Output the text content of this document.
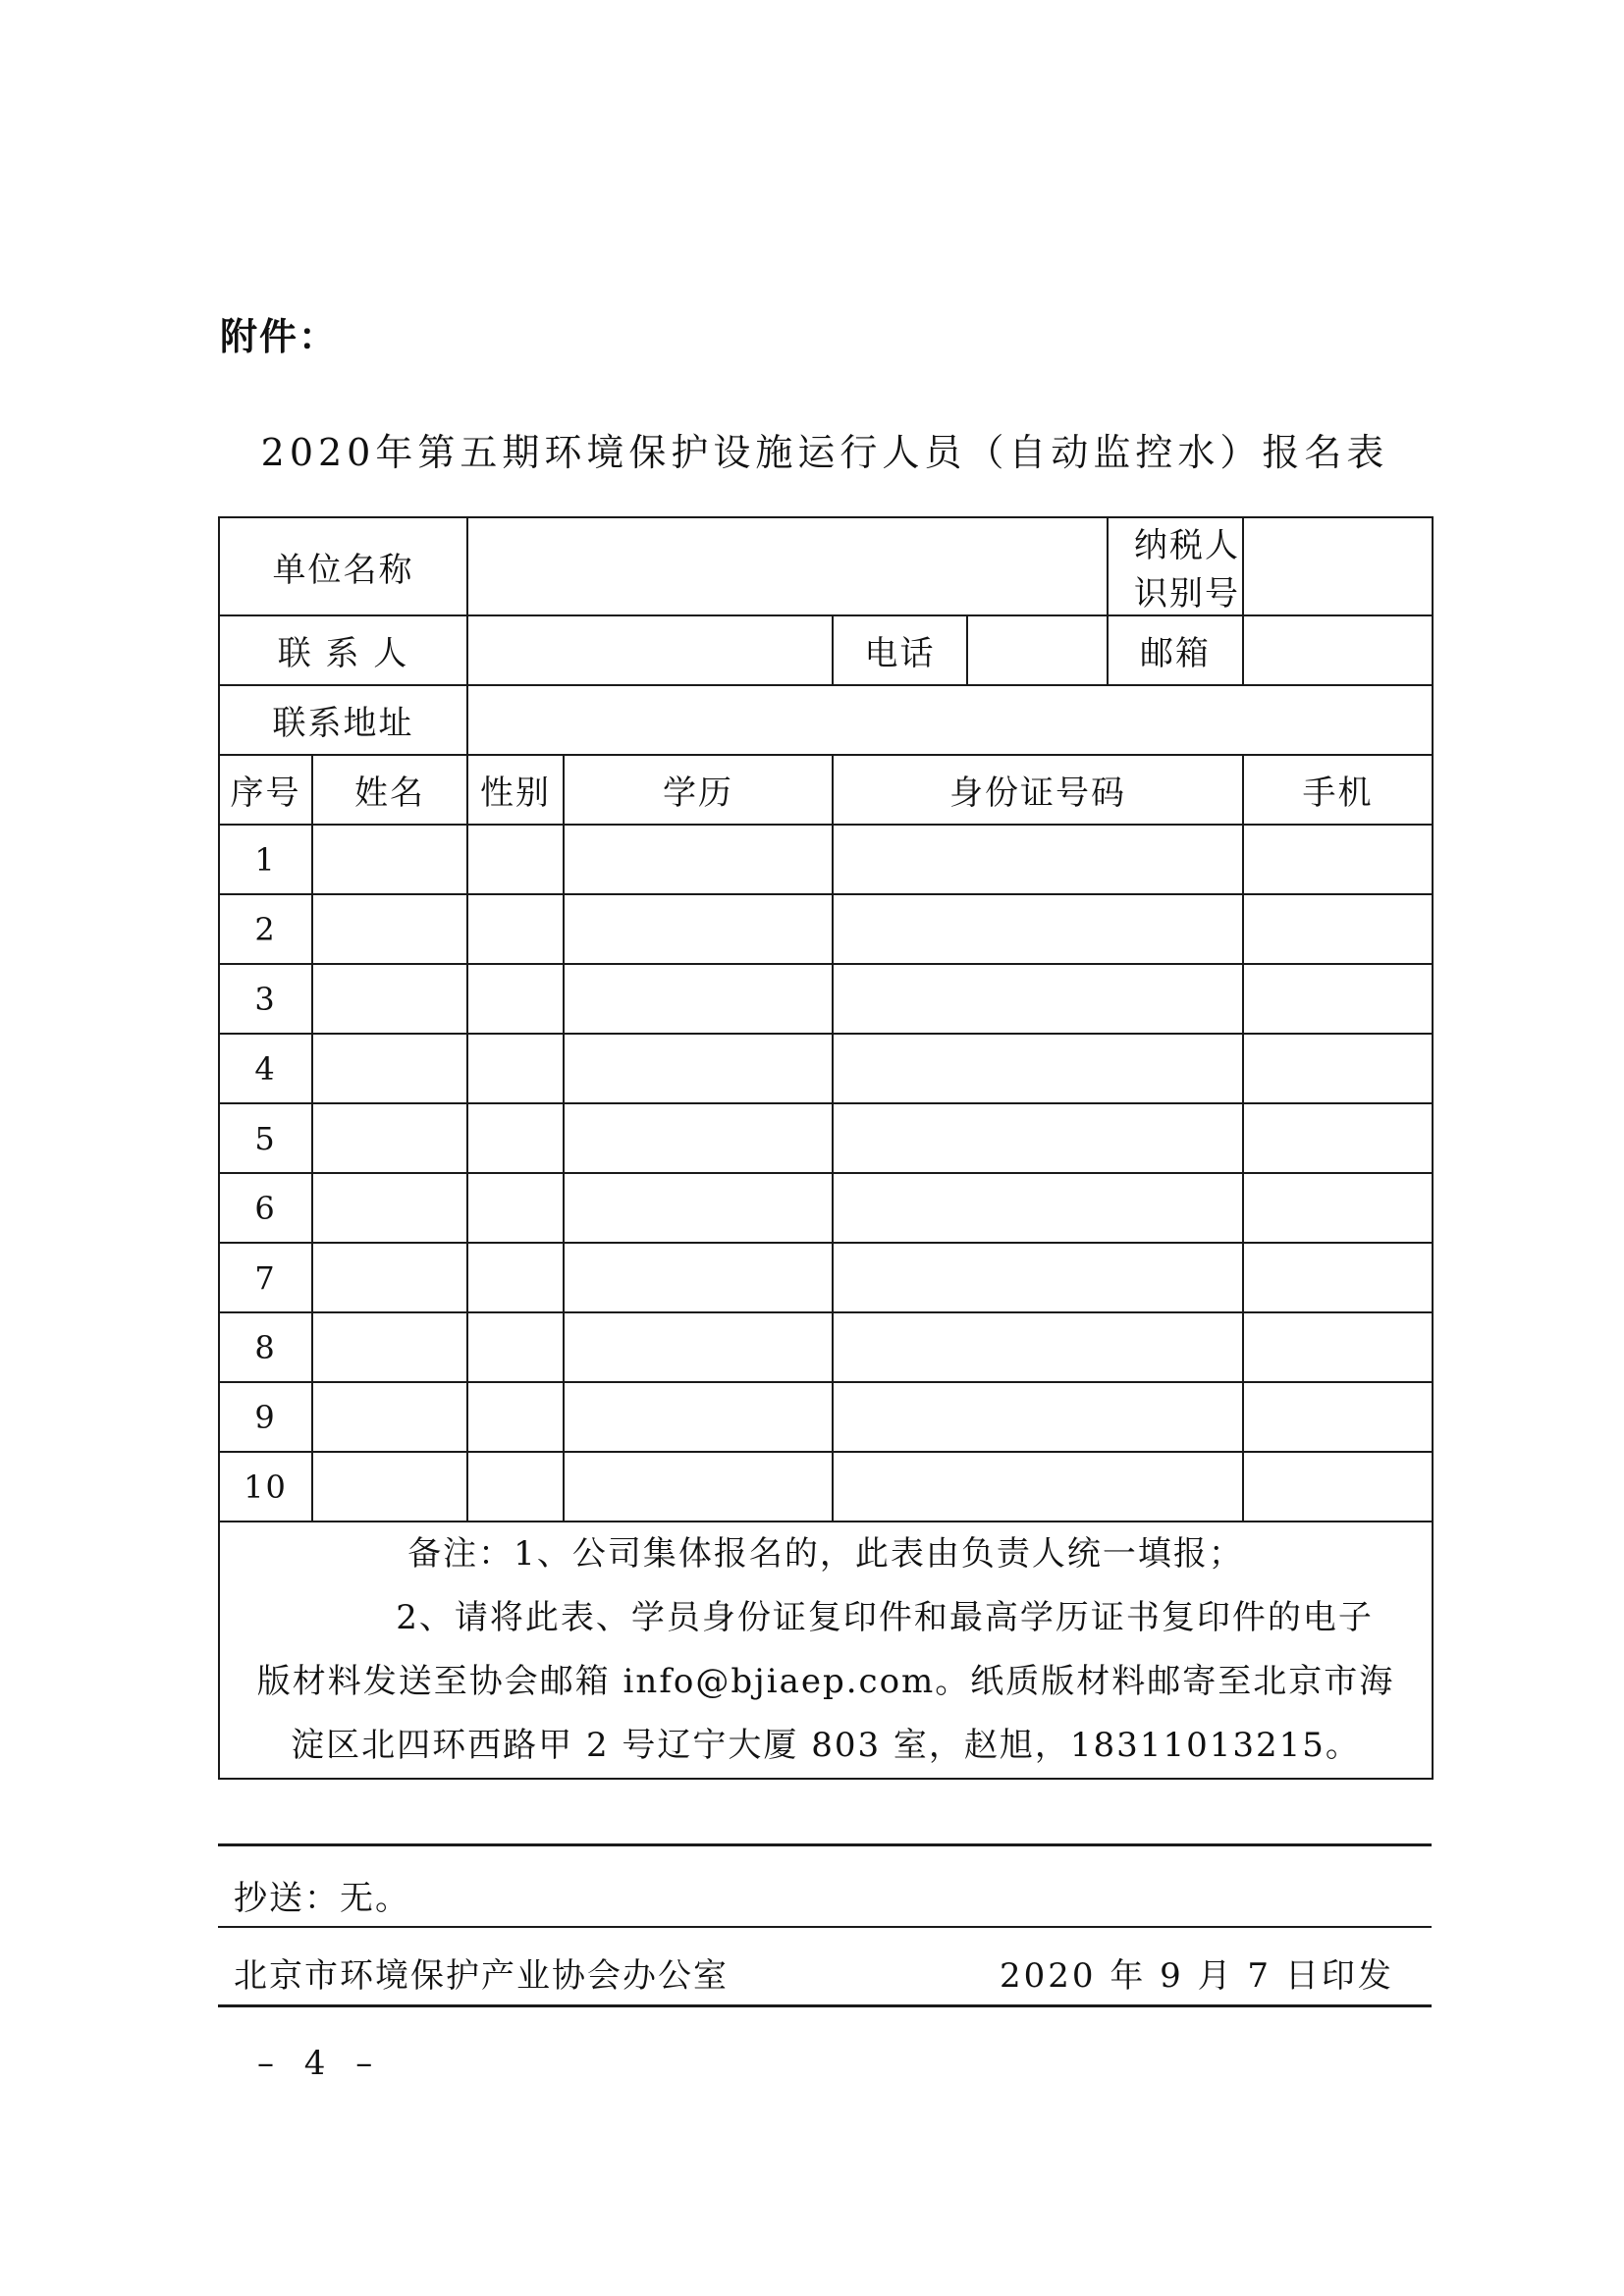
附件：
2020年第五期环境保护设施运行人员（自动监控水）报名表
单位名称					纳税人识别号	
联 系 人				电话	邮箱	
联系地址						
序号	姓名	性别	学历	身份证号码		手机
1						
2						
3						
4						
5						
6						
7						
8						
9						
10						

备注：1、公司集体报名的，此表由负责人统一填报；
2、请将此表、学员身份证复印件和最高学历证书复印件的电子
版材料发送至协会邮箱 info@bjiaep.com。纸质版材料邮寄至北京市海
淀区北四环西路甲 2 号辽宁大厦 803 室，赵旭，18311013215。						
抄送：无。
北京市环境保护产业协会办公室	2020 年 9 月 7 日印发
– 4 –
